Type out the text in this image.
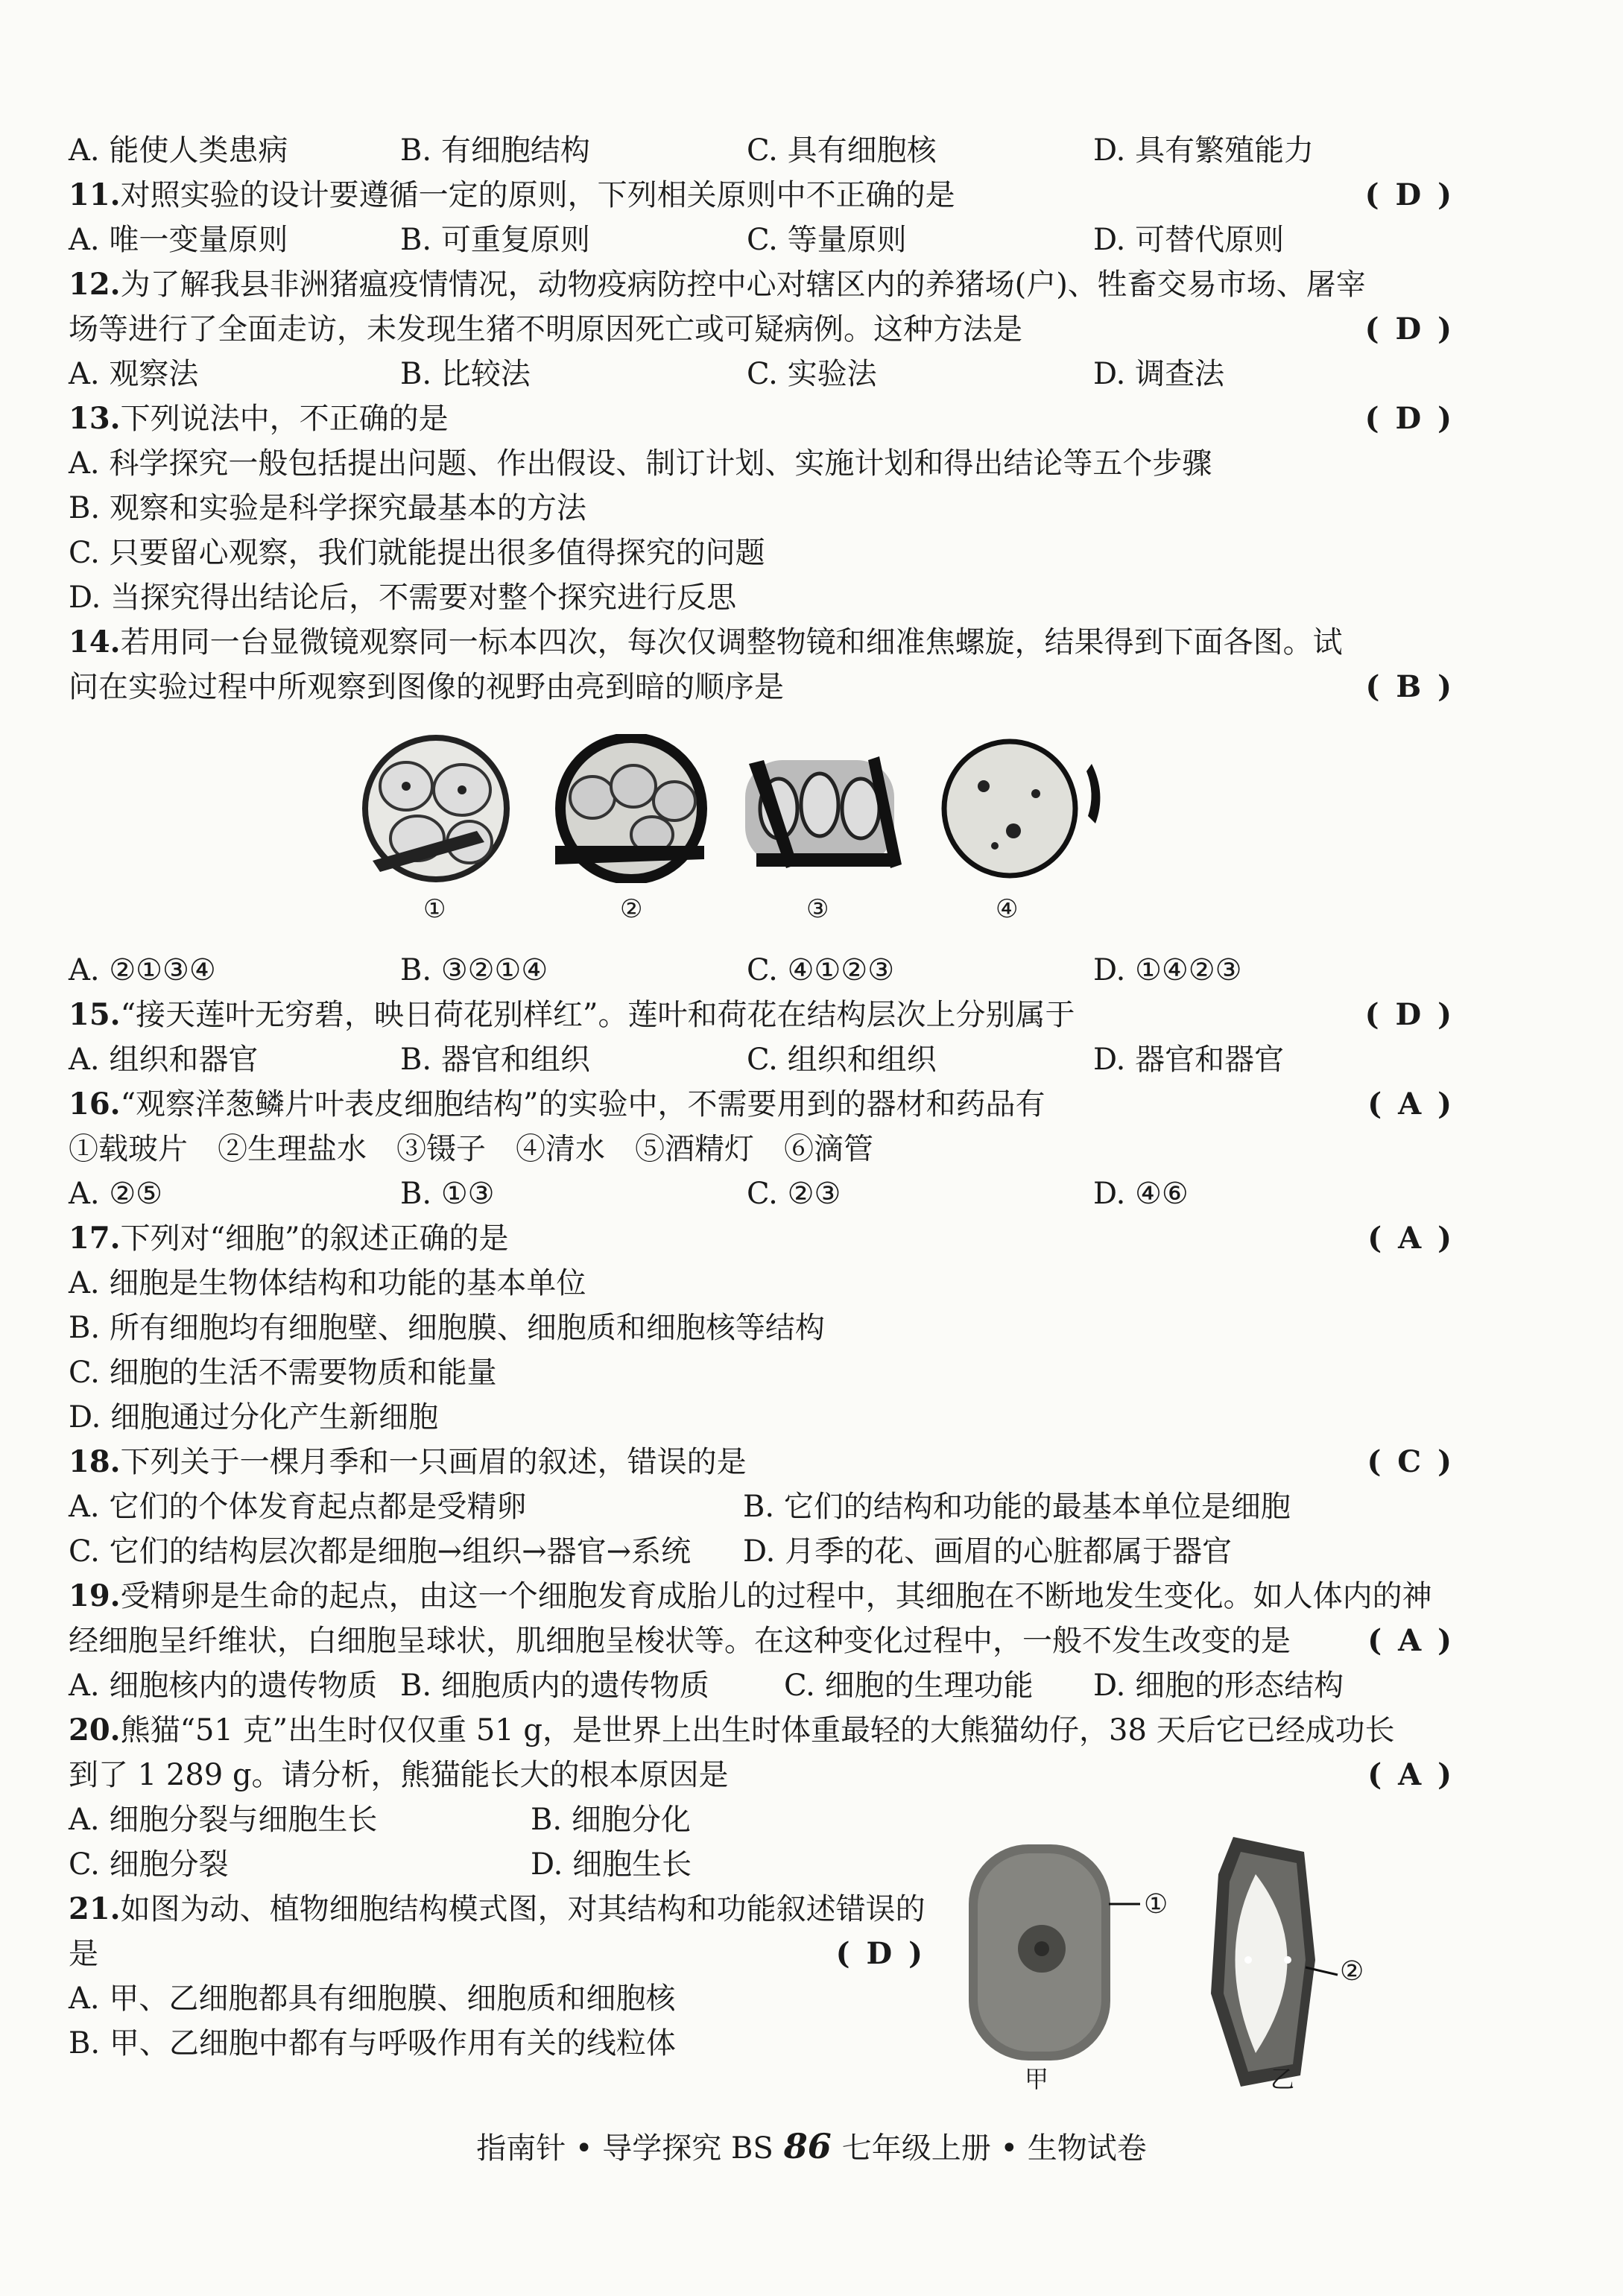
A. 能使人类患病	B. 有细胞结构	C. 具有细胞核	D. 具有繁殖能力
11.对照实验的设计要遵循一定的原则，下列相关原则中不正确的是	( D )
A. 唯一变量原则	B. 可重复原则	C. 等量原则	D. 可替代原则
12.为了解我县非洲猪瘟疫情情况，动物疫病防控中心对辖区内的养猪场(户)、牲畜交易市场、屠宰
场等进行了全面走访，未发现生猪不明原因死亡或可疑病例。这种方法是	( D )
A. 观察法	B. 比较法	C. 实验法	D. 调查法
13.下列说法中，不正确的是	( D )
A. 科学探究一般包括提出问题、作出假设、制订计划、实施计划和得出结论等五个步骤
B. 观察和实验是科学探究最基本的方法
C. 只要留心观察，我们就能提出很多值得探究的问题
D. 当探究得出结论后，不需要对整个探究进行反思
14.若用同一台显微镜观察同一标本四次，每次仅调整物镜和细准焦螺旋，结果得到下面各图。试
问在实验过程中所观察到图像的视野由亮到暗的顺序是	( B )
①	②	③	④
A. ②①③④	B. ③②①④	C. ④①②③	D. ①④②③
15.“接天莲叶无穷碧，映日荷花别样红”。莲叶和荷花在结构层次上分别属于	( D )
A. 组织和器官	B. 器官和组织	C. 组织和组织	D. 器官和器官
16.“观察洋葱鳞片叶表皮细胞结构”的实验中，不需要用到的器材和药品有	( A )
①载玻片　②生理盐水　③镊子　④清水　⑤酒精灯　⑥滴管
A. ②⑤	B. ①③	C. ②③	D. ④⑥
17.下列对“细胞”的叙述正确的是	( A )
A. 细胞是生物体结构和功能的基本单位
B. 所有细胞均有细胞壁、细胞膜、细胞质和细胞核等结构
C. 细胞的生活不需要物质和能量
D. 细胞通过分化产生新细胞
18.下列关于一棵月季和一只画眉的叙述，错误的是	( C )
A. 它们的个体发育起点都是受精卵	B. 它们的结构和功能的最基本单位是细胞
C. 它们的结构层次都是细胞→组织→器官→系统 D. 月季的花、画眉的心脏都属于器官
19.受精卵是生命的起点，由这一个细胞发育成胎儿的过程中，其细胞在不断地发生变化。如人体内的神
经细胞呈纤维状，白细胞呈球状，肌细胞呈梭状等。在这种变化过程中，一般不发生改变的是	( A )
A. 细胞核内的遗传物质 B. 细胞质内的遗传物质	C. 细胞的生理功能 D. 细胞的形态结构
20.熊猫“51 克”出生时仅仅重 51 g，是世界上出生时体重最轻的大熊猫幼仔，38 天后它已经成功长
到了 1 289 g。请分析，熊猫能长大的根本原因是	( A )
A. 细胞分裂与细胞生长	B. 细胞分化
C. 细胞分裂	D. 细胞生长
21.如图为动、植物细胞结构模式图，对其结构和功能叙述错误的
是	( D )
A. 甲、乙细胞都具有细胞膜、细胞质和细胞核
B. 甲、乙细胞中都有与呼吸作用有关的线粒体
①
②
甲	乙
指南针 • 导学探究 BS 86 七年级上册 • 生物试卷
